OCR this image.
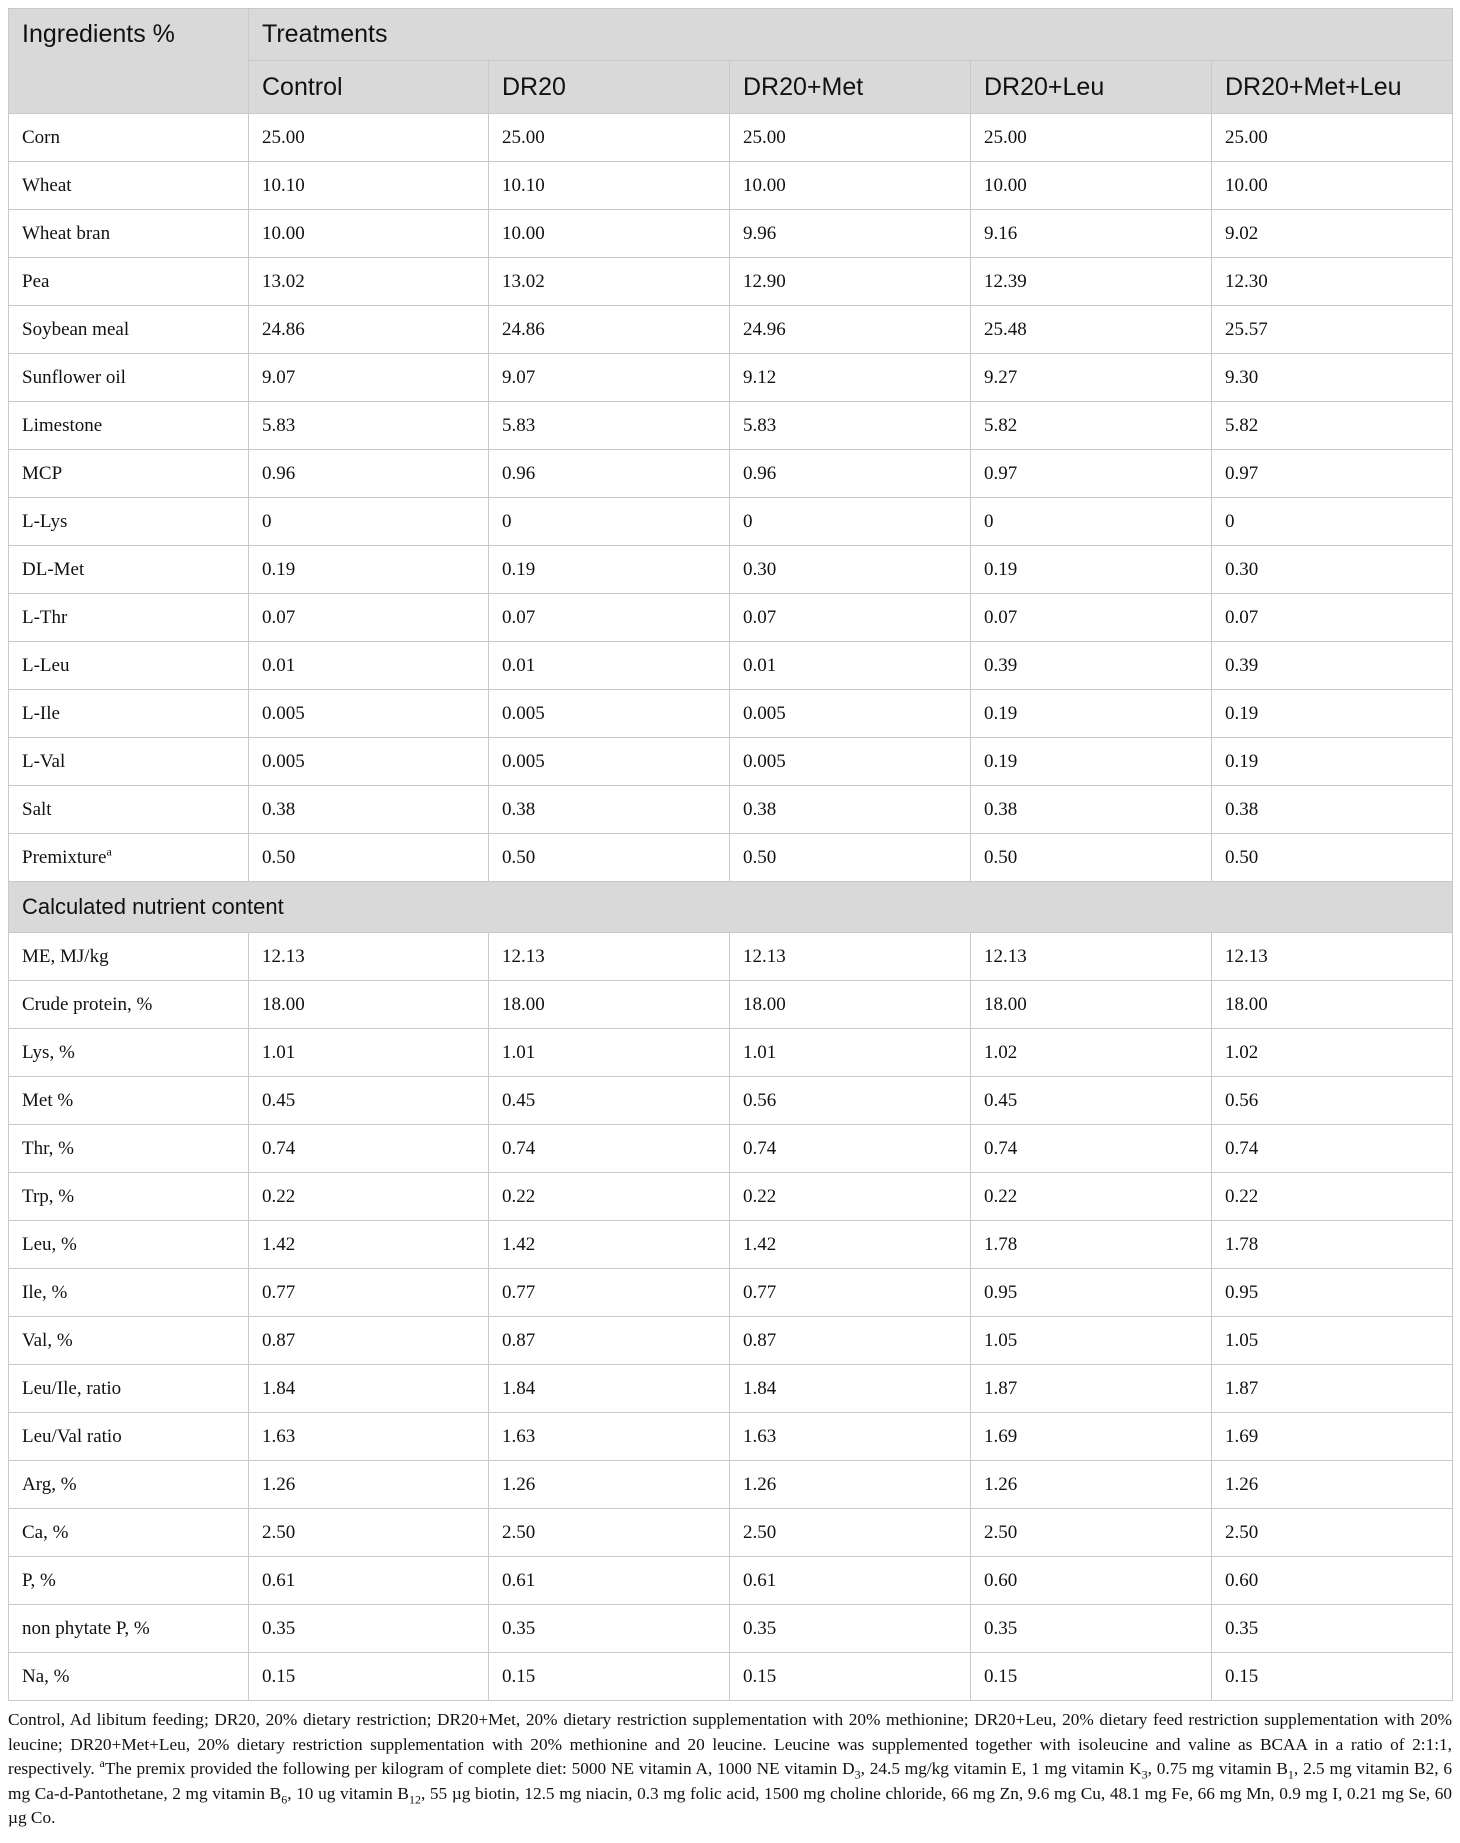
Ingredients %	Treatments				
	Control	DR20	DR20+Met	DR20+Leu	DR20+Met+Leu
Corn	25.00	25.00	25.00	25.00	25.00
Wheat	10.10	10.10	10.00	10.00	10.00
Wheat bran	10.00	10.00	9.96	9.16	9.02
Pea	13.02	13.02	12.90	12.39	12.30
Soybean meal	24.86	24.86	24.96	25.48	25.57
Sunflower oil	9.07	9.07	9.12	9.27	9.30
Limestone	5.83	5.83	5.83	5.82	5.82
MCP	0.96	0.96	0.96	0.97	0.97
L-Lys	0	0	0	0	0
DL-Met	0.19	0.19	0.30	0.19	0.30
L-Thr	0.07	0.07	0.07	0.07	0.07
L-Leu	0.01	0.01	0.01	0.39	0.39
L-Ile	0.005	0.005	0.005	0.19	0.19
L-Val	0.005	0.005	0.005	0.19	0.19
Salt	0.38	0.38	0.38	0.38	0.38
Premixture$^a$	0.50	0.50	0.50	0.50	0.50
Calculated nutrient content					
ME, MJ/kg	12.13	12.13	12.13	12.13	12.13
Crude protein, %	18.00	18.00	18.00	18.00	18.00
Lys, %	1.01	1.01	1.01	1.02	1.02
Met %	0.45	0.45	0.56	0.45	0.56
Thr, %	0.74	0.74	0.74	0.74	0.74
Trp, %	0.22	0.22	0.22	0.22	0.22
Leu, %	1.42	1.42	1.42	1.78	1.78
Ile, %	0.77	0.77	0.77	0.95	0.95
Val, %	0.87	0.87	0.87	1.05	1.05
Leu/Ile, ratio	1.84	1.84	1.84	1.87	1.87
Leu/Val ratio	1.63	1.63	1.63	1.69	1.69
Arg, %	1.26	1.26	1.26	1.26	1.26
Ca, %	2.50	2.50	2.50	2.50	2.50
P, %	0.61	0.61	0.61	0.60	0.60
non phytate P, %	0.35	0.35	0.35	0.35	0.35
Na, %	0.15	0.15	0.15	0.15	0.15
Control, Ad libitum feeding; DR20, 20% dietary restriction; DR20+Met, 20% dietary restriction supplementation with 20% methionine; DR20+Leu, 20% dietary feed restriction supplementation with 20% leucine; DR20+Met+Leu, 20% dietary restriction supplementation with 20% methionine and 20 leucine. Leucine was supplemented together with isoleucine and valine as BCAA in a ratio of 2:1:1, respectively. $^a$The premix provided the following per kilogram of complete diet: 5000 NE vitamin A, 1000 NE vitamin $D_3$, 24.5 mg/kg vitamin E, 1 mg vitamin $K_3$, 0.75 mg vitamin $B_1$, 2.5 mg vitamin B2, 6 mg Ca-d-Pantothetane, 2 mg vitamin $B_6$, 10 ug vitamin $B_{12}$, 55 µg biotin, 12.5 mg niacin, 0.3 mg folic acid, 1500 mg choline chloride, 66 mg Zn, 9.6 mg Cu, 48.1 mg Fe, 66 mg Mn, 0.9 mg I, 0.21 mg Se, 60 µg Co.
